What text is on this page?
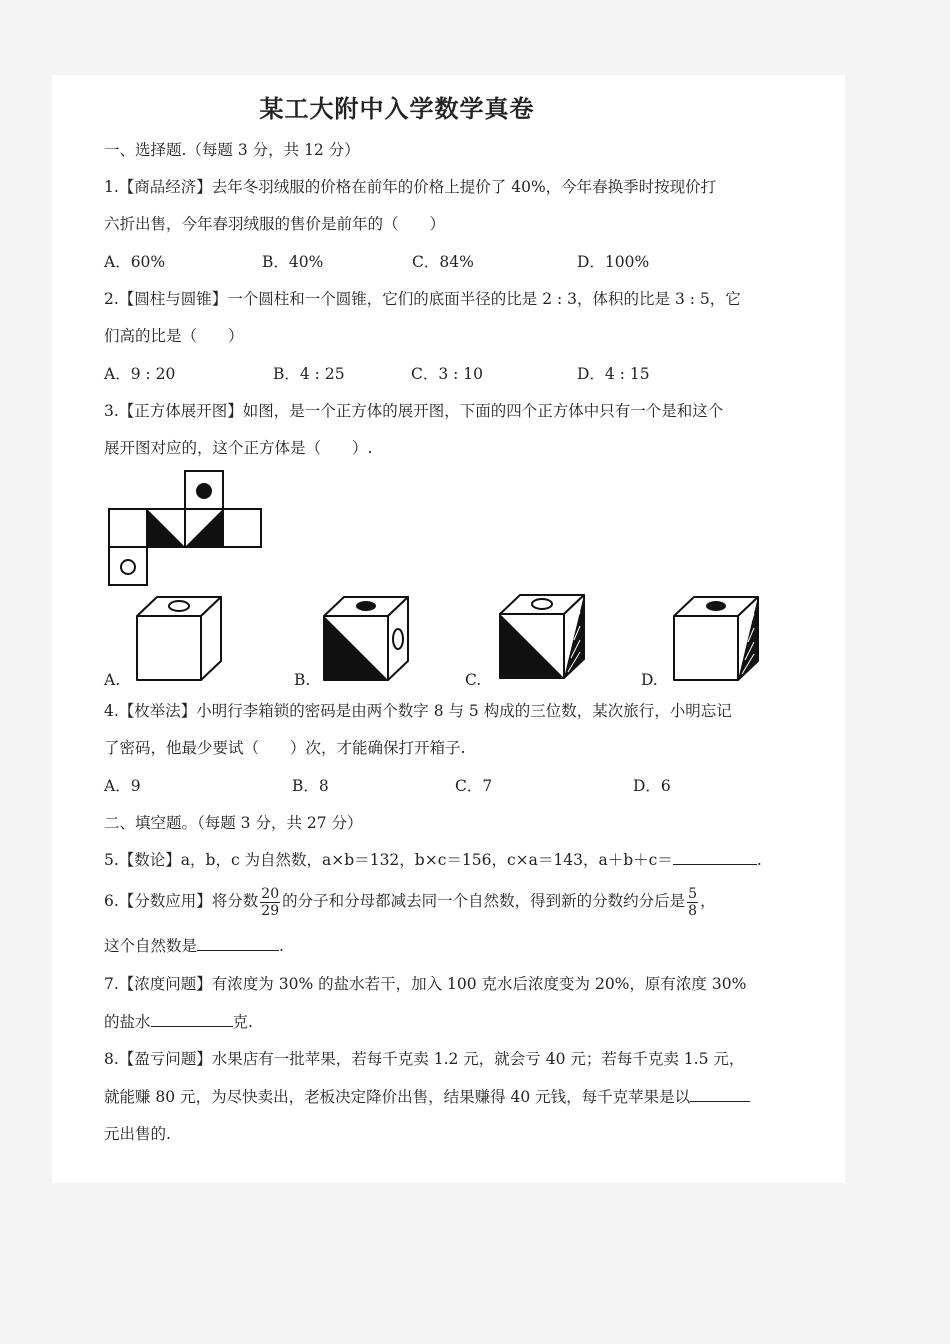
某工大附中入学数学真卷
一、选择题.（每题 3 分，共 12 分）
1.【商品经济】去年冬羽绒服的价格在前年的价格上提价了 40%，今年春换季时按现价打
六折出售，今年春羽绒服的售价是前年的（　　）
A．60%	B．40%	C．84%	D．100%
2.【圆柱与圆锥】一个圆柱和一个圆锥，它们的底面半径的比是 2 : 3，体积的比是 3 : 5，它
们高的比是（　　）
A．9 : 20	B．4 : 25	C．3 : 10	D．4 : 15
3.【正方体展开图】如图，是一个正方体的展开图，下面的四个正方体中只有一个是和这个
展开图对应的，这个正方体是（　　）.
A.	B.	C.	D.
4.【枚举法】小明行李箱锁的密码是由两个数字 8 与 5 构成的三位数，某次旅行，小明忘记
了密码，他最少要试（　　）次，才能确保打开箱子.
A．9	B．8	C．7	D．6
二、填空题。（每题 3 分，共 27 分）
5.【数论】a，b，c 为自然数，a×b＝132，b×c＝156，c×a＝143，a＋b＋c＝	.
6.【分数应用】将分数 $\frac{20}{29}$ 的分子和分母都减去同一个自然数，得到新的分数约分后是 $\frac{5}{8}$ ，
这个自然数是	.
7.【浓度问题】有浓度为 30% 的盐水若干，加入 100 克水后浓度变为 20%，原有浓度 30%
的盐水	克.
8.【盈亏问题】水果店有一批苹果，若每千克卖 1.2 元，就会亏 40 元；若每千克卖 1.5 元，
就能赚 80 元，为尽快卖出，老板决定降价出售，结果赚得 40 元钱，每千克苹果是以
元出售的.
